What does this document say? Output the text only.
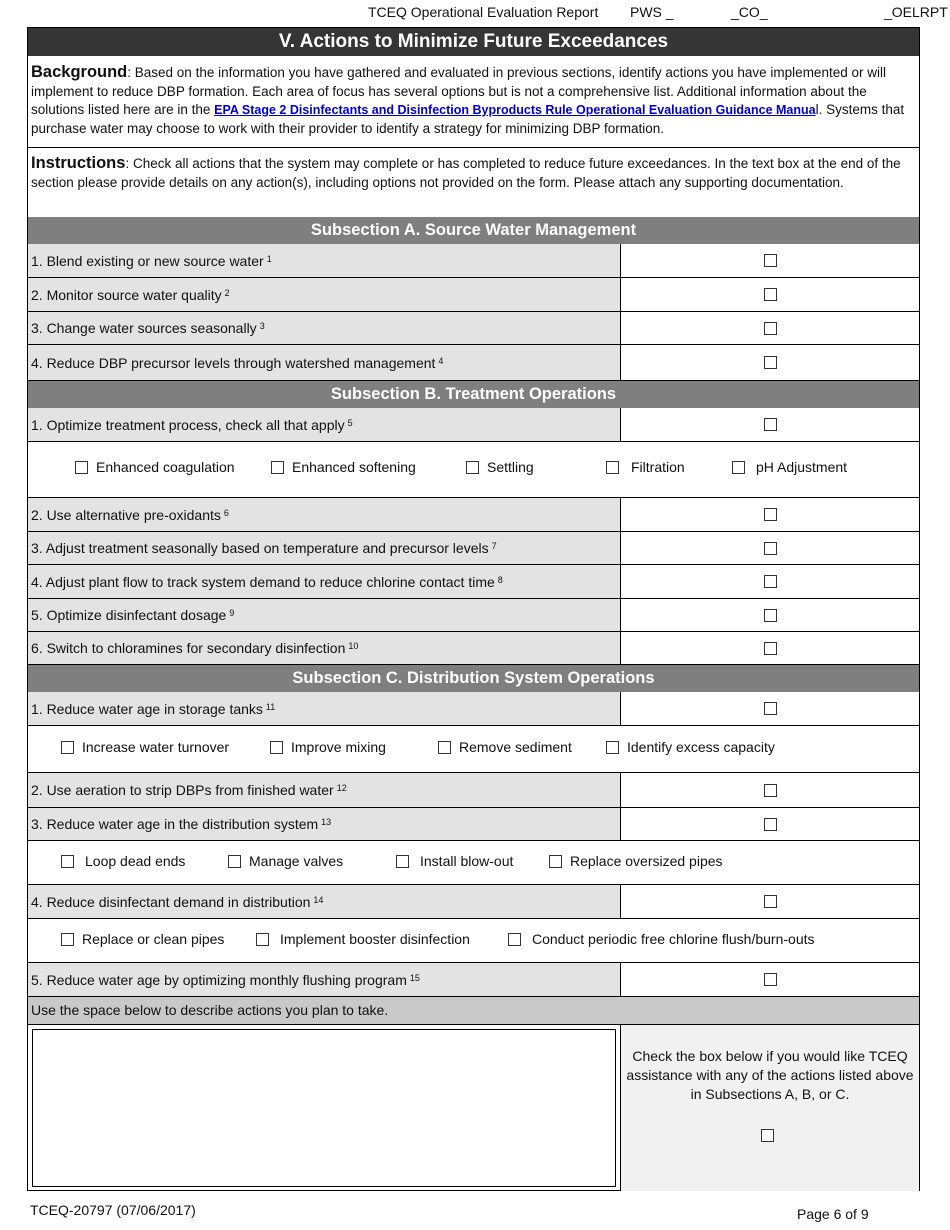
TCEQ Operational Evaluation Report PWS _	_CO_	_OELRPT
V. Actions to Minimize Future Exceedances
Background: Based on the information you have gathered and evaluated in previous sections, identify actions you have implemented or will implement to reduce DBP formation. Each area of focus has several options but is not a comprehensive list. Additional information about the solutions listed here are in the EPA Stage 2 Disinfectants and Disinfection Byproducts Rule Operational Evaluation Guidance Manual. Systems that purchase water may choose to work with their provider to identify a strategy for minimizing DBP formation.
Instructions: Check all actions that the system may complete or has completed to reduce future exceedances. In the text box at the end of the section please provide details on any action(s), including options not provided on the form. Please attach any supporting documentation.
Subsection A. Source Water Management
1. Blend existing or new source water $^1$
2. Monitor source water quality $^2$
3. Change water sources seasonally $^3$
4. Reduce DBP precursor levels through watershed management $^4$
Subsection B. Treatment Operations
1. Optimize treatment process, check all that apply $^5$
Enhanced coagulation	Enhanced softening	Settling	Filtration	pH Adjustment
2. Use alternative pre-oxidants $^6$
3. Adjust treatment seasonally based on temperature and precursor levels $^7$
4. Adjust plant flow to track system demand to reduce chlorine contact time $^8$
5. Optimize disinfectant dosage $^9$
6. Switch to chloramines for secondary disinfection $^{10}$
Subsection C. Distribution System Operations
1. Reduce water age in storage tanks $^{11}$
Increase water turnover	Improve mixing	Remove sediment	Identify excess capacity
2. Use aeration to strip DBPs from finished water $^{12}$
3. Reduce water age in the distribution system $^{13}$
Loop dead ends	Manage valves	Install blow-out	Replace oversized pipes
4. Reduce disinfectant demand in distribution $^{14}$
Replace or clean pipes	Implement booster disinfection	Conduct periodic free chlorine flush/burn-outs
5. Reduce water age by optimizing monthly flushing program $^{15}$
Use the space below to describe actions you plan to take.
Check the box below if you would like TCEQ assistance with any of the actions listed above in Subsections A, B, or C.
TCEQ-20797 (07/06/2017)	Page 6 of 9
